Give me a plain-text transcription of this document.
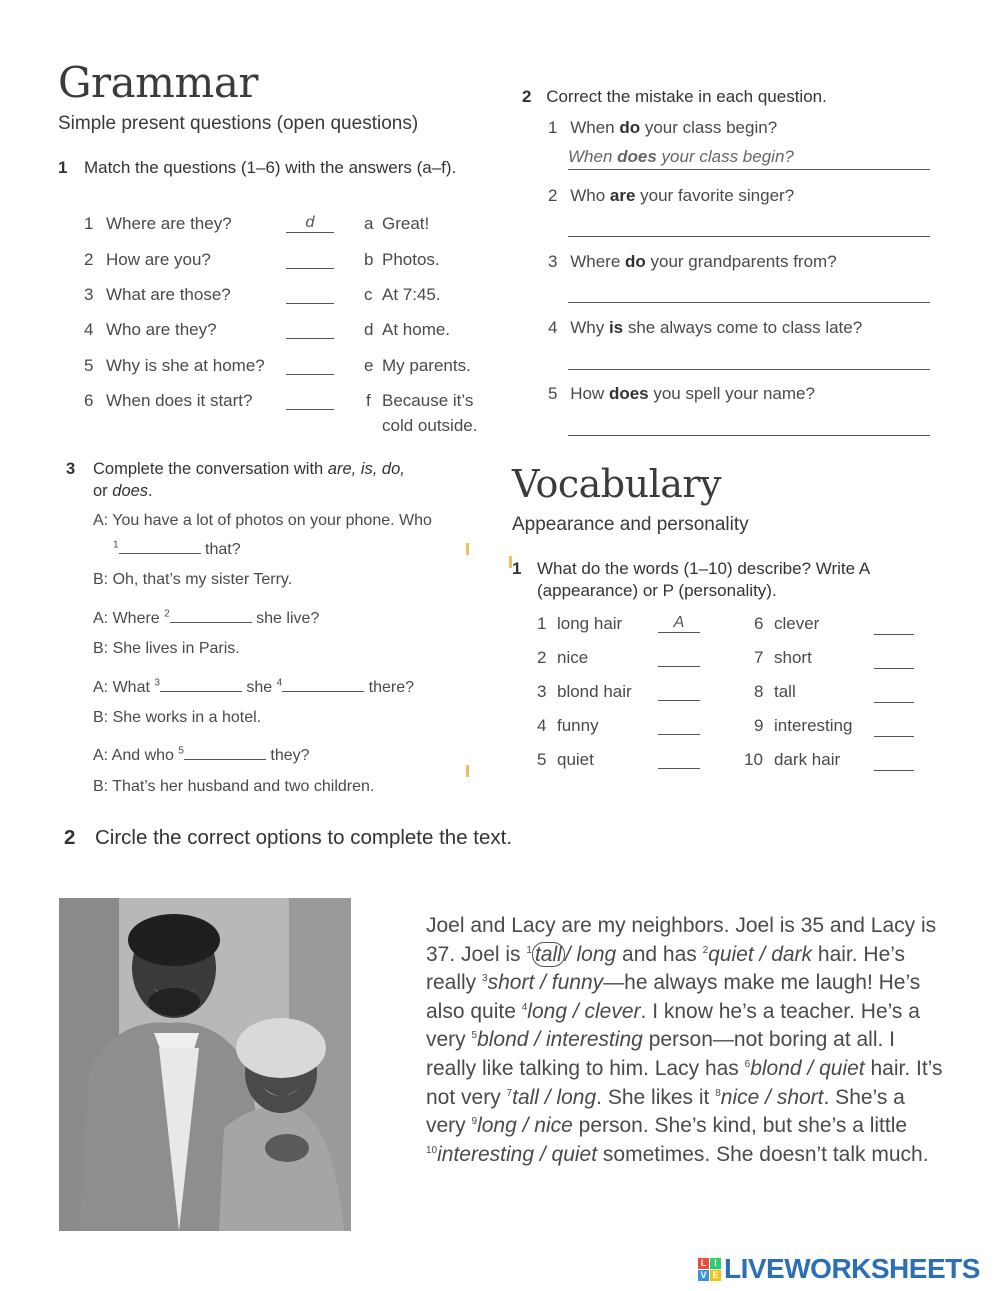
Grammar
Simple present questions (open questions)
1 Match the questions (1–6) with the answers (a–f).
1 Where are they?	d	a Great!
2 How are you?	b Photos.
3 What are those?	c At 7:45.
4 Who are they?	d At home.
5 Why is she at home?	e My parents.
6 When does it start?	f Because it’s
cold outside.
2 Correct the mistake in each question.
1 When do your class begin?
When does your class begin?
2 Who are your favorite singer?
3 Where do your grandparents from?
4 Why is she always come to class late?
5 How does you spell your name?
3 Complete the conversation with are, is, do,
or does.
A: You have a lot of photos on your phone. Who
$^1$	that?
B: Oh, that’s my sister Terry.
A: Where $^2$	she live?
B: She lives in Paris.
A: What $^3$	she $^4$	there?
B: She works in a hotel.
A: And who $^5$	they?
B: That’s her husband and two children.
Vocabulary
Appearance and personality
1 What do the words (1–10) describe? Write A (appearance) or P (personality).
1 long hair	A
2 nice
3 blond hair
4 funny
5 quiet
6 clever
7 short
8 tall
9 interesting
10 dark hair
2 Circle the correct options to complete the text.
Joel and Lacy are my neighbors. Joel is 35 and Lacy is 37. Joel is $^1$ tall / long and has $^2$quiet / dark hair. He’s really $^3$short / funny—he always make me laugh! He’s also quite $^4$long / clever. I know he’s a teacher. He’s a very $^5$blond / interesting person—not boring at all. I really like talking to him. Lacy has $^6$blond / quiet hair. It’s not very $^7$tall / long. She likes it $^8$nice / short. She’s a very $^9$long / nice person. She’s kind, but she’s a little $^{10}$interesting / quiet sometimes. She doesn’t talk much.
L I
V E LIVEWORKSHEETS
